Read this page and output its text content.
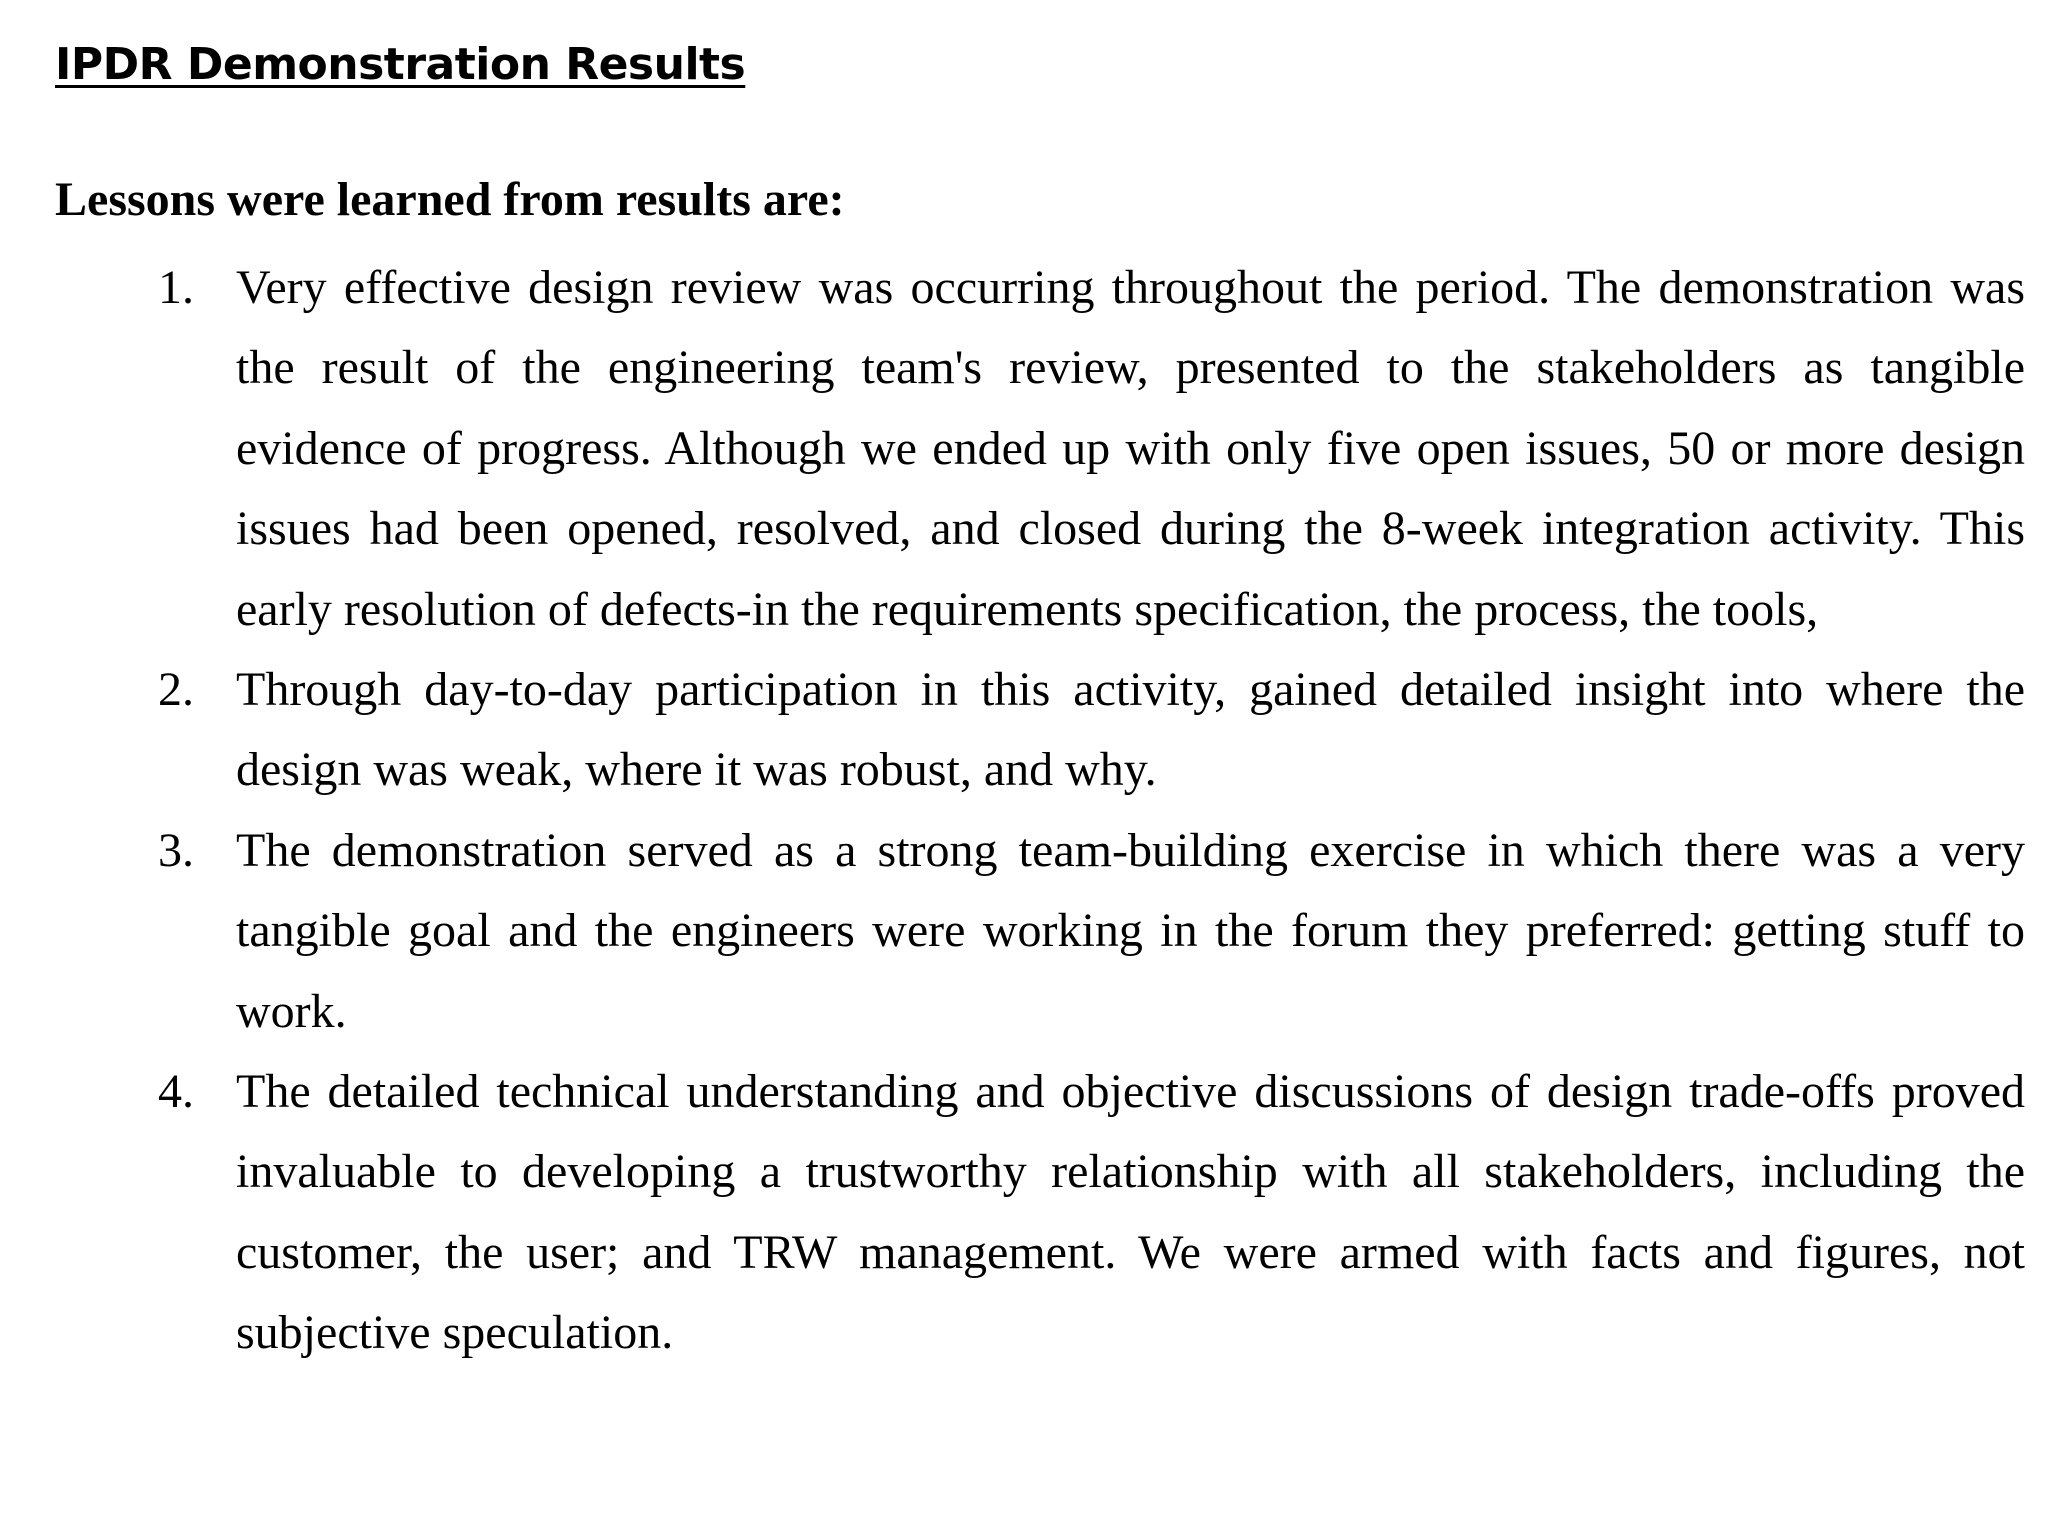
IPDR Demonstration Results

Lessons were learned from results are:

1. Very effective design review was occurring throughout the period. The demonstration was the result of the engineering team's review, presented to the stakeholders as tangible evidence of progress. Although we ended up with only five open issues, 50 or more design issues had been opened, resolved, and closed during the 8-week integration activity. This early resolution of defects-in the requirements specification, the process, the tools,
2. Through day-to-day participation in this activity, gained detailed insight into where the design was weak, where it was robust, and why.
3. The demonstration served as a strong team-building exercise in which there was a very tangible goal and the engineers were working in the forum they preferred: getting stuff to work.
4. The detailed technical understanding and objective discussions of design trade-offs proved invaluable to developing a trustworthy relationship with all stakeholders, including the customer, the user; and TRW management. We were armed with facts and figures, not subjective speculation.
